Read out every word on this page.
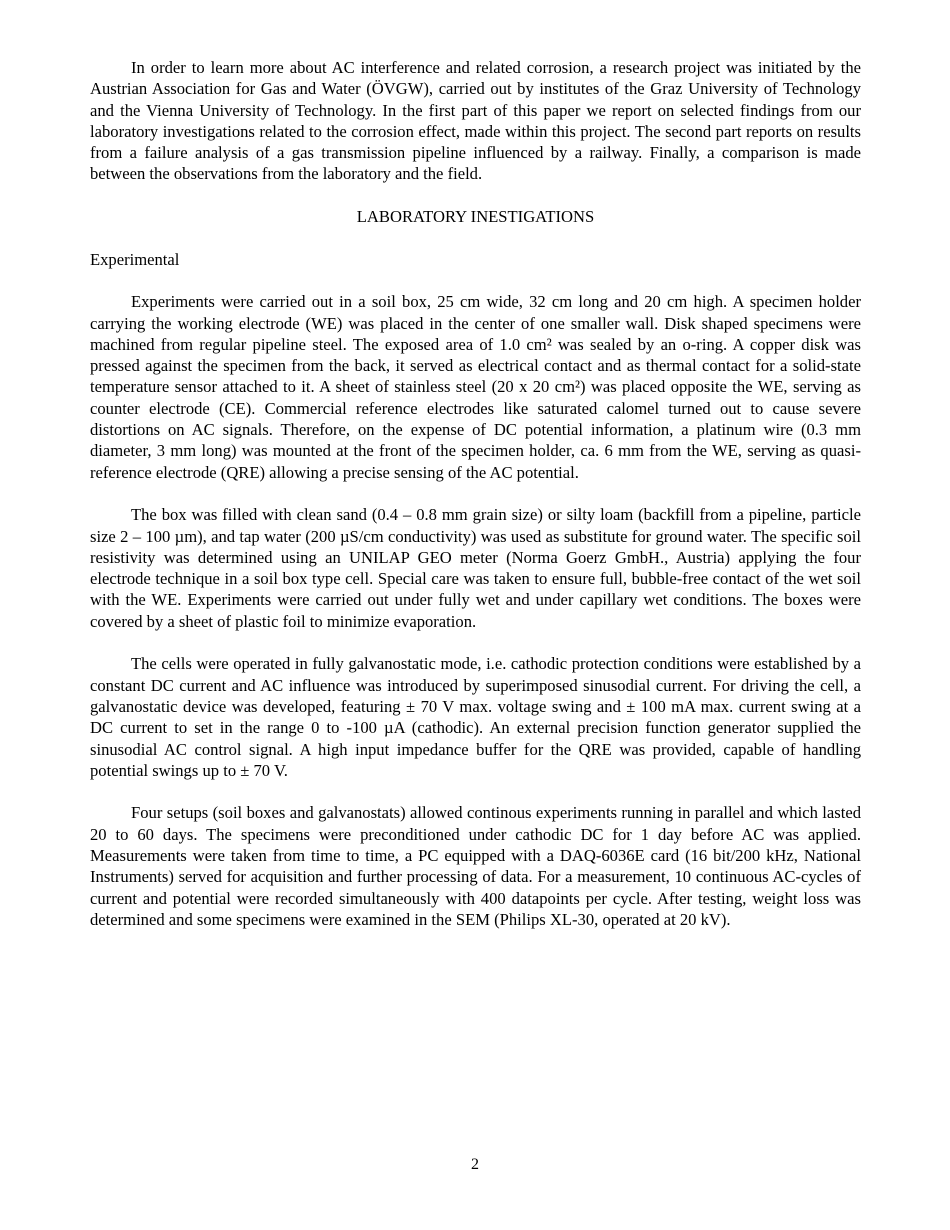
In order to learn more about AC interference and related corrosion, a research project was initiated by the Austrian Association for Gas and Water (ÖVGW), carried out by institutes of the Graz University of Technology and the Vienna University of Technology. In the first part of this paper we report on selected findings from our laboratory investigations related to the corrosion effect, made within this project. The second part reports on results from a failure analysis of a gas transmission pipeline influenced by a railway. Finally, a comparison is made between the observations from the laboratory and the field.

LABORATORY INESTIGATIONS

Experimental

Experiments were carried out in a soil box, 25 cm wide, 32 cm long and 20 cm high. A specimen holder carrying the working electrode (WE) was placed in the center of one smaller wall. Disk shaped specimens were machined from regular pipeline steel. The exposed area of 1.0 cm² was sealed by an o-ring. A copper disk was pressed against the specimen from the back, it served as electrical contact and as thermal contact for a solid-state temperature sensor attached to it. A sheet of stainless steel (20 x 20 cm²) was placed opposite the WE, serving as counter electrode (CE). Commercial reference electrodes like saturated calomel turned out to cause severe distortions on AC signals. Therefore, on the expense of DC potential information, a platinum wire (0.3 mm diameter, 3 mm long) was mounted at the front of the specimen holder, ca. 6 mm from the WE, serving as quasi-reference electrode (QRE) allowing a precise sensing of the AC potential.

The box was filled with clean sand (0.4 – 0.8 mm grain size) or silty loam (backfill from a pipeline, particle size 2 – 100 µm), and tap water (200 µS/cm conductivity) was used as substitute for ground water. The specific soil resistivity was determined using an UNILAP GEO meter (Norma Goerz GmbH., Austria) applying the four electrode technique in a soil box type cell. Special care was taken to ensure full, bubble-free contact of the wet soil with the WE. Experiments were carried out under fully wet and under capillary wet conditions. The boxes were covered by a sheet of plastic foil to minimize evaporation.

The cells were operated in fully galvanostatic mode, i.e. cathodic protection conditions were established by a constant DC current and AC influence was introduced by superimposed sinusodial current. For driving the cell, a galvanostatic device was developed, featuring ± 70 V max. voltage swing and ± 100 mA max. current swing at a DC current to set in the range 0 to -100 µA (cathodic). An external precision function generator supplied the sinusodial AC control signal. A high input impedance buffer for the QRE was provided, capable of handling potential swings up to ± 70 V.

Four setups (soil boxes and galvanostats) allowed continous experiments running in parallel and which lasted 20 to 60 days. The specimens were preconditioned under cathodic DC for 1 day before AC was applied. Measurements were taken from time to time, a PC equipped with a DAQ-6036E card (16 bit/200 kHz, National Instruments) served for acquisition and further processing of data. For a measurement, 10 continuous AC-cycles of current and potential were recorded simultaneously with 400 datapoints per cycle. After testing, weight loss was determined and some specimens were examined in the SEM (Philips XL-30, operated at 20 kV).

2
